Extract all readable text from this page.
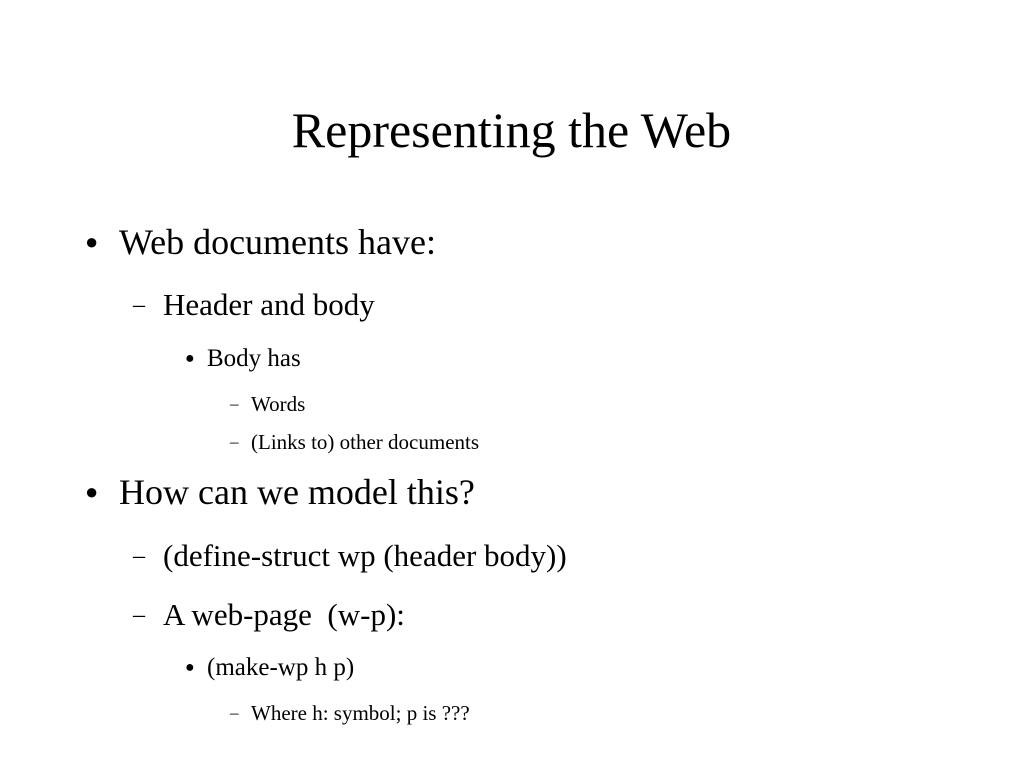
Representing the Web
● Web documents have:
– Header and body
● Body has
– Words
– (Links to) other documents
● How can we model this?
– (define-struct wp (header body))
– A web-page  (w-p):
● (make-wp h p)
– Where h: symbol; p is ???
